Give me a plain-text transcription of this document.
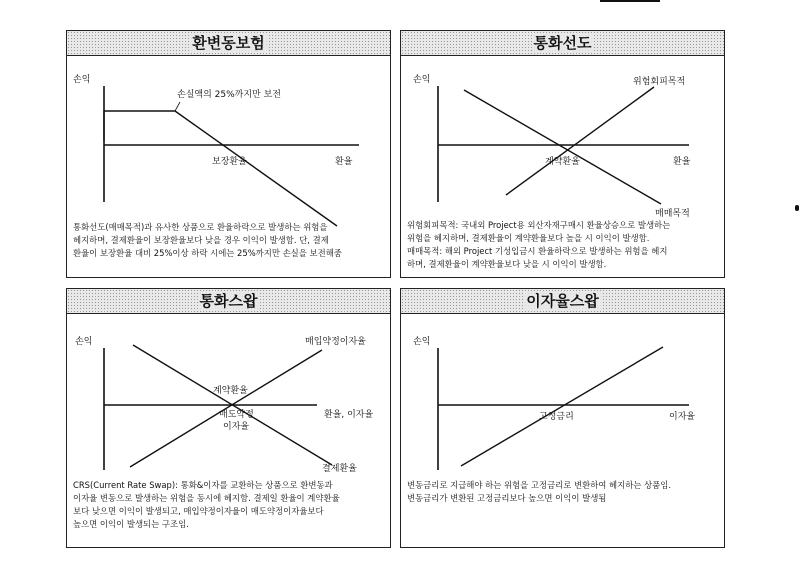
환변동보험
손익
손실액의 25%까지만 보전
보장환율	환율
통화선도(매매목적)과 유사한 상품으로 환율하락으로 발생하는 위험을
헤지하며, 결제환율이 보장환율보다 낮을 경우 이익이 발생함. 단, 결제
환율이 보장환율 대비 25%이상 하락 시에는 25%까지만 손실을 보전해줌
통화선도
손익	위험회피목적
계약환율	환율
매매목적
위험회피목적: 국내외 Project용 외산자재구매시 환율상승으로 발생하는
위험을 헤지하며, 결제환율이 계약환율보다 높을 시 이익이 발생함.
매매목적: 해외 Project 기성입금시 환율하락으로 발생하는 위험을 헤지
하며, 결제환율이 계약환율보다 낮을 시 이익이 발생함.
통화스왑
손익	매입약정이자율
계약환율
매도약정
이자율
환율, 이자율
결제환율
CRS(Current Rate Swap): 통화&이자를 교환하는 상품으로 환변동과
이자율 변동으로 발생하는 위험을 동시에 헤지함. 결제일 환율이 계약환율
보다 낮으면 이익이 발생되고, 매입약정이자율이 매도약정이자율보다
높으면 이익이 발생되는 구조임.
이자율스왑
손익
고정금리	이자율
변동금리로 지급해야 하는 위험을 고정금리로 변환하여 헤지하는 상품임.
변동금리가 변환된 고정금리보다 높으면 이익이 발생됨
